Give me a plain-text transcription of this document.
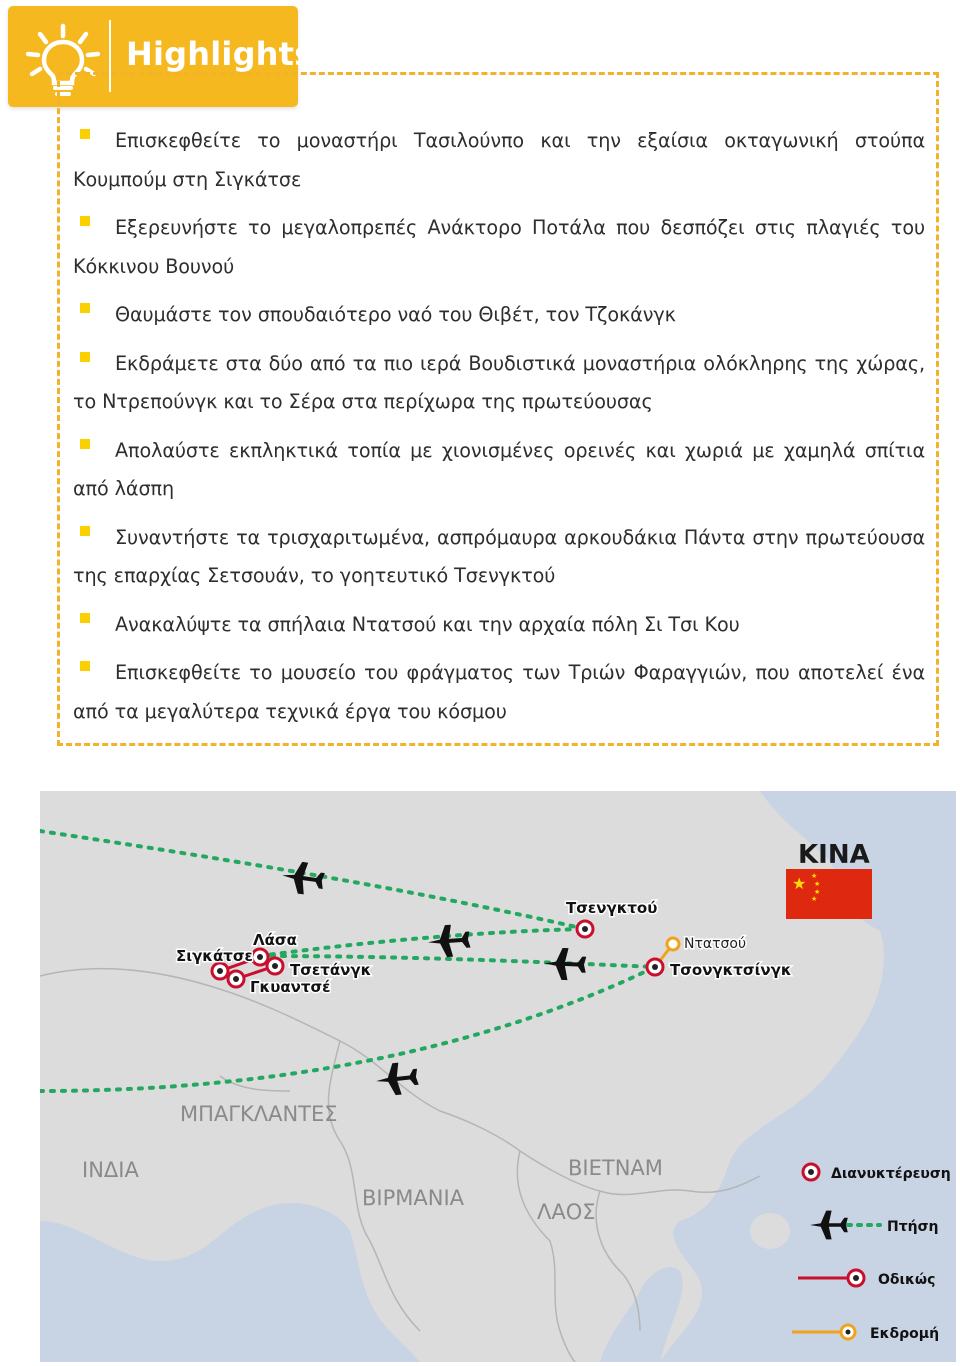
Highlights
Επισκεφθείτε το μοναστήρι Τασιλούνπο και την εξαίσια οκταγωνική στούπα Κουμπούμ στη Σιγκάτσε
Εξερευνήστε το μεγαλοπρεπές Ανάκτορο Ποτάλα που δεσπόζει στις πλαγιές του Κόκκινου Βουνού
Θαυμάστε τον σπουδαιότερο ναό του Θιβέτ, τον Τζοκάνγκ
Εκδράμετε στα δύο από τα πιο ιερά Βουδιστικά μοναστήρια ολόκληρης της χώρας, το Ντρεπούνγκ και το Σέρα στα περίχωρα της πρωτεύουσας
Απολαύστε εκπληκτικά τοπία με χιονισμένες ορεινές και χωριά με χαμηλά σπίτια από λάσπη
Συναντήστε τα τρισχαριτωμένα, ασπρόμαυρα αρκουδάκια Πάντα στην πρωτεύουσα της επαρχίας Σετσουάν, το γοητευτικό Τσενγκτού
Ανακαλύψτε τα σπήλαια Ντατσού και την αρχαία πόλη Σι Τσι Κου
Επισκεφθείτε το μουσείο του φράγματος των Τριών Φαραγγιών, που αποτελεί ένα από τα μεγαλύτερα τεχνικά έργα του κόσμου
★ ★
★
★
★
ΚΙΝΑ
Τσενγκτού
Λάσα
Σιγκάτσε
Τσετάνγκ
Γκυαντσέ
Τσονγκτσίνγκ
Ντατσού
ΜΠΑΓΚΛΑΝΤΕΣ
ΙΝΔΙΑ
ΒΙΡΜΑΝΙΑ
ΛΑΟΣ
ΒΙΕΤΝΑΜ	Διανυκτέρευση
Πτήση
Οδικώς
Εκδρομή
